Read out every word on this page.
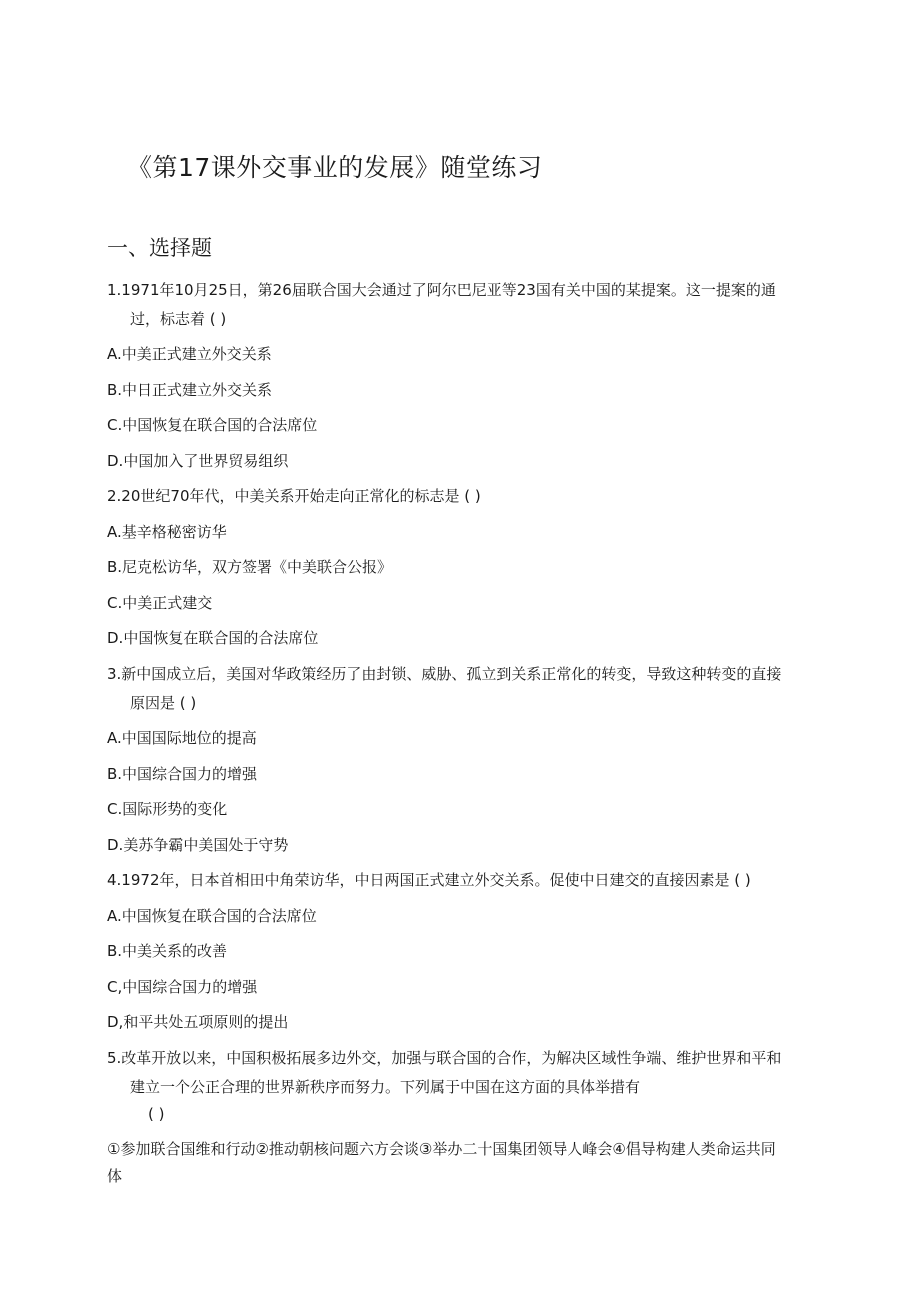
《第17课外交事业的发展》随堂练习
一、选择题
1.1971年10月25日，第26届联合国大会通过了阿尔巴尼亚等23国有关中国的某提案。这一提案的通
过，标志着 ( )
A.中美正式建立外交关系
B.中日正式建立外交关系
C.中国恢复在联合国的合法席位
D.中国加入了世界贸易组织
2.20世纪70年代，中美关系开始走向正常化的标志是 ( )
A.基辛格秘密访华
B.尼克松访华，双方签署《中美联合公报》
C.中美正式建交
D.中国恢复在联合国的合法席位
3.新中国成立后，美国对华政策经历了由封锁、威胁、孤立到关系正常化的转变，导致这种转变的直接
原因是 ( )
A.中国国际地位的提高
B.中国综合国力的增强
C.国际形势的变化
D.美苏争霸中美国处于守势
4.1972年，日本首相田中角荣访华，中日两国正式建立外交关系。促使中日建交的直接因素是 ( )
A.中国恢复在联合国的合法席位
B.中美关系的改善
C,中国综合国力的增强
D,和平共处五项原则的提出
5.改革开放以来，中国积极拓展多边外交，加强与联合国的合作，为解决区域性争端、维护世界和平和
建立一个公正合理的世界新秩序而努力。下列属于中国在这方面的具体举措有
( )
①参加联合国维和行动②推动朝核问题六方会谈③举办二十国集团领导人峰会④倡导构建人类命运共同
体
